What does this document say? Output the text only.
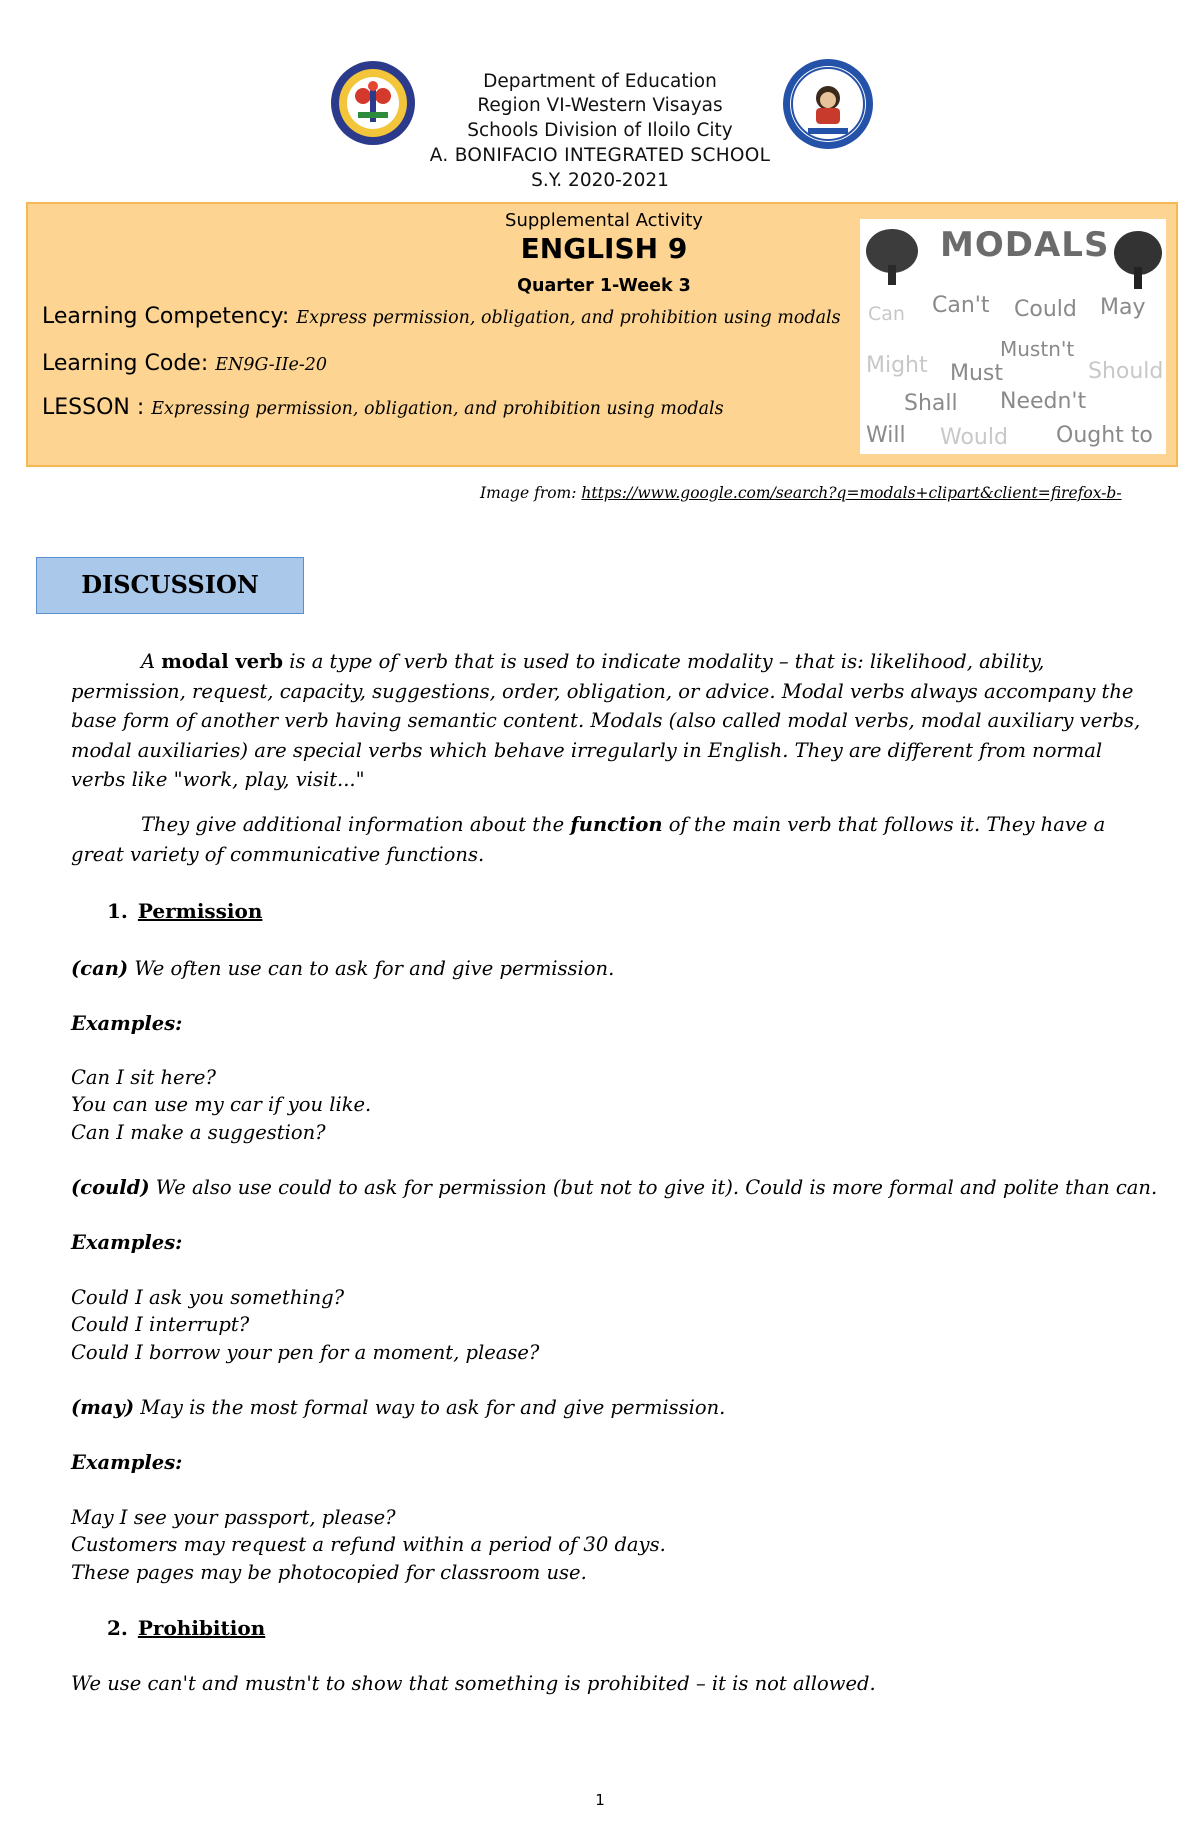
Department of Education
Region VI-Western Visayas
Schools Division of Iloilo City
A. BONIFACIO INTEGRATED SCHOOL
S.Y. 2020-2021
Supplemental Activity
ENGLISH 9
Quarter 1-Week 3
Learning Competency: Express permission, obligation, and prohibition using modals
Learning Code: EN9G-IIe-20
LESSON : Expressing permission, obligation, and prohibition using modals
MODALS
Can Can't Could May
Might
Mustn't
Must	Should
Shall Needn't
Will Would Ought to
Image from: https://www.google.com/search?q=modals+clipart&client=firefox-b-
DISCUSSION
A modal verb is a type of verb that is used to indicate modality – that is: likelihood, ability, permission, request, capacity, suggestions, order, obligation, or advice. Modal verbs always accompany the base form of another verb having semantic content. Modals (also called modal verbs, modal auxiliary verbs, modal auxiliaries) are special verbs which behave irregularly in English. They are different from normal verbs like "work, play, visit..."
They give additional information about the function of the main verb that follows it. They have a great variety of communicative functions.
1. Permission
(can) We often use can to ask for and give permission.
Examples:
Can I sit here?
You can use my car if you like.
Can I make a suggestion?
(could) We also use could to ask for permission (but not to give it). Could is more formal and polite than can.
Examples:
Could I ask you something?
Could I interrupt?
Could I borrow your pen for a moment, please?
(may) May is the most formal way to ask for and give permission.
Examples:
May I see your passport, please?
Customers may request a refund within a period of 30 days.
These pages may be photocopied for classroom use.
2. Prohibition
We use can't and mustn't to show that something is prohibited – it is not allowed.
1
